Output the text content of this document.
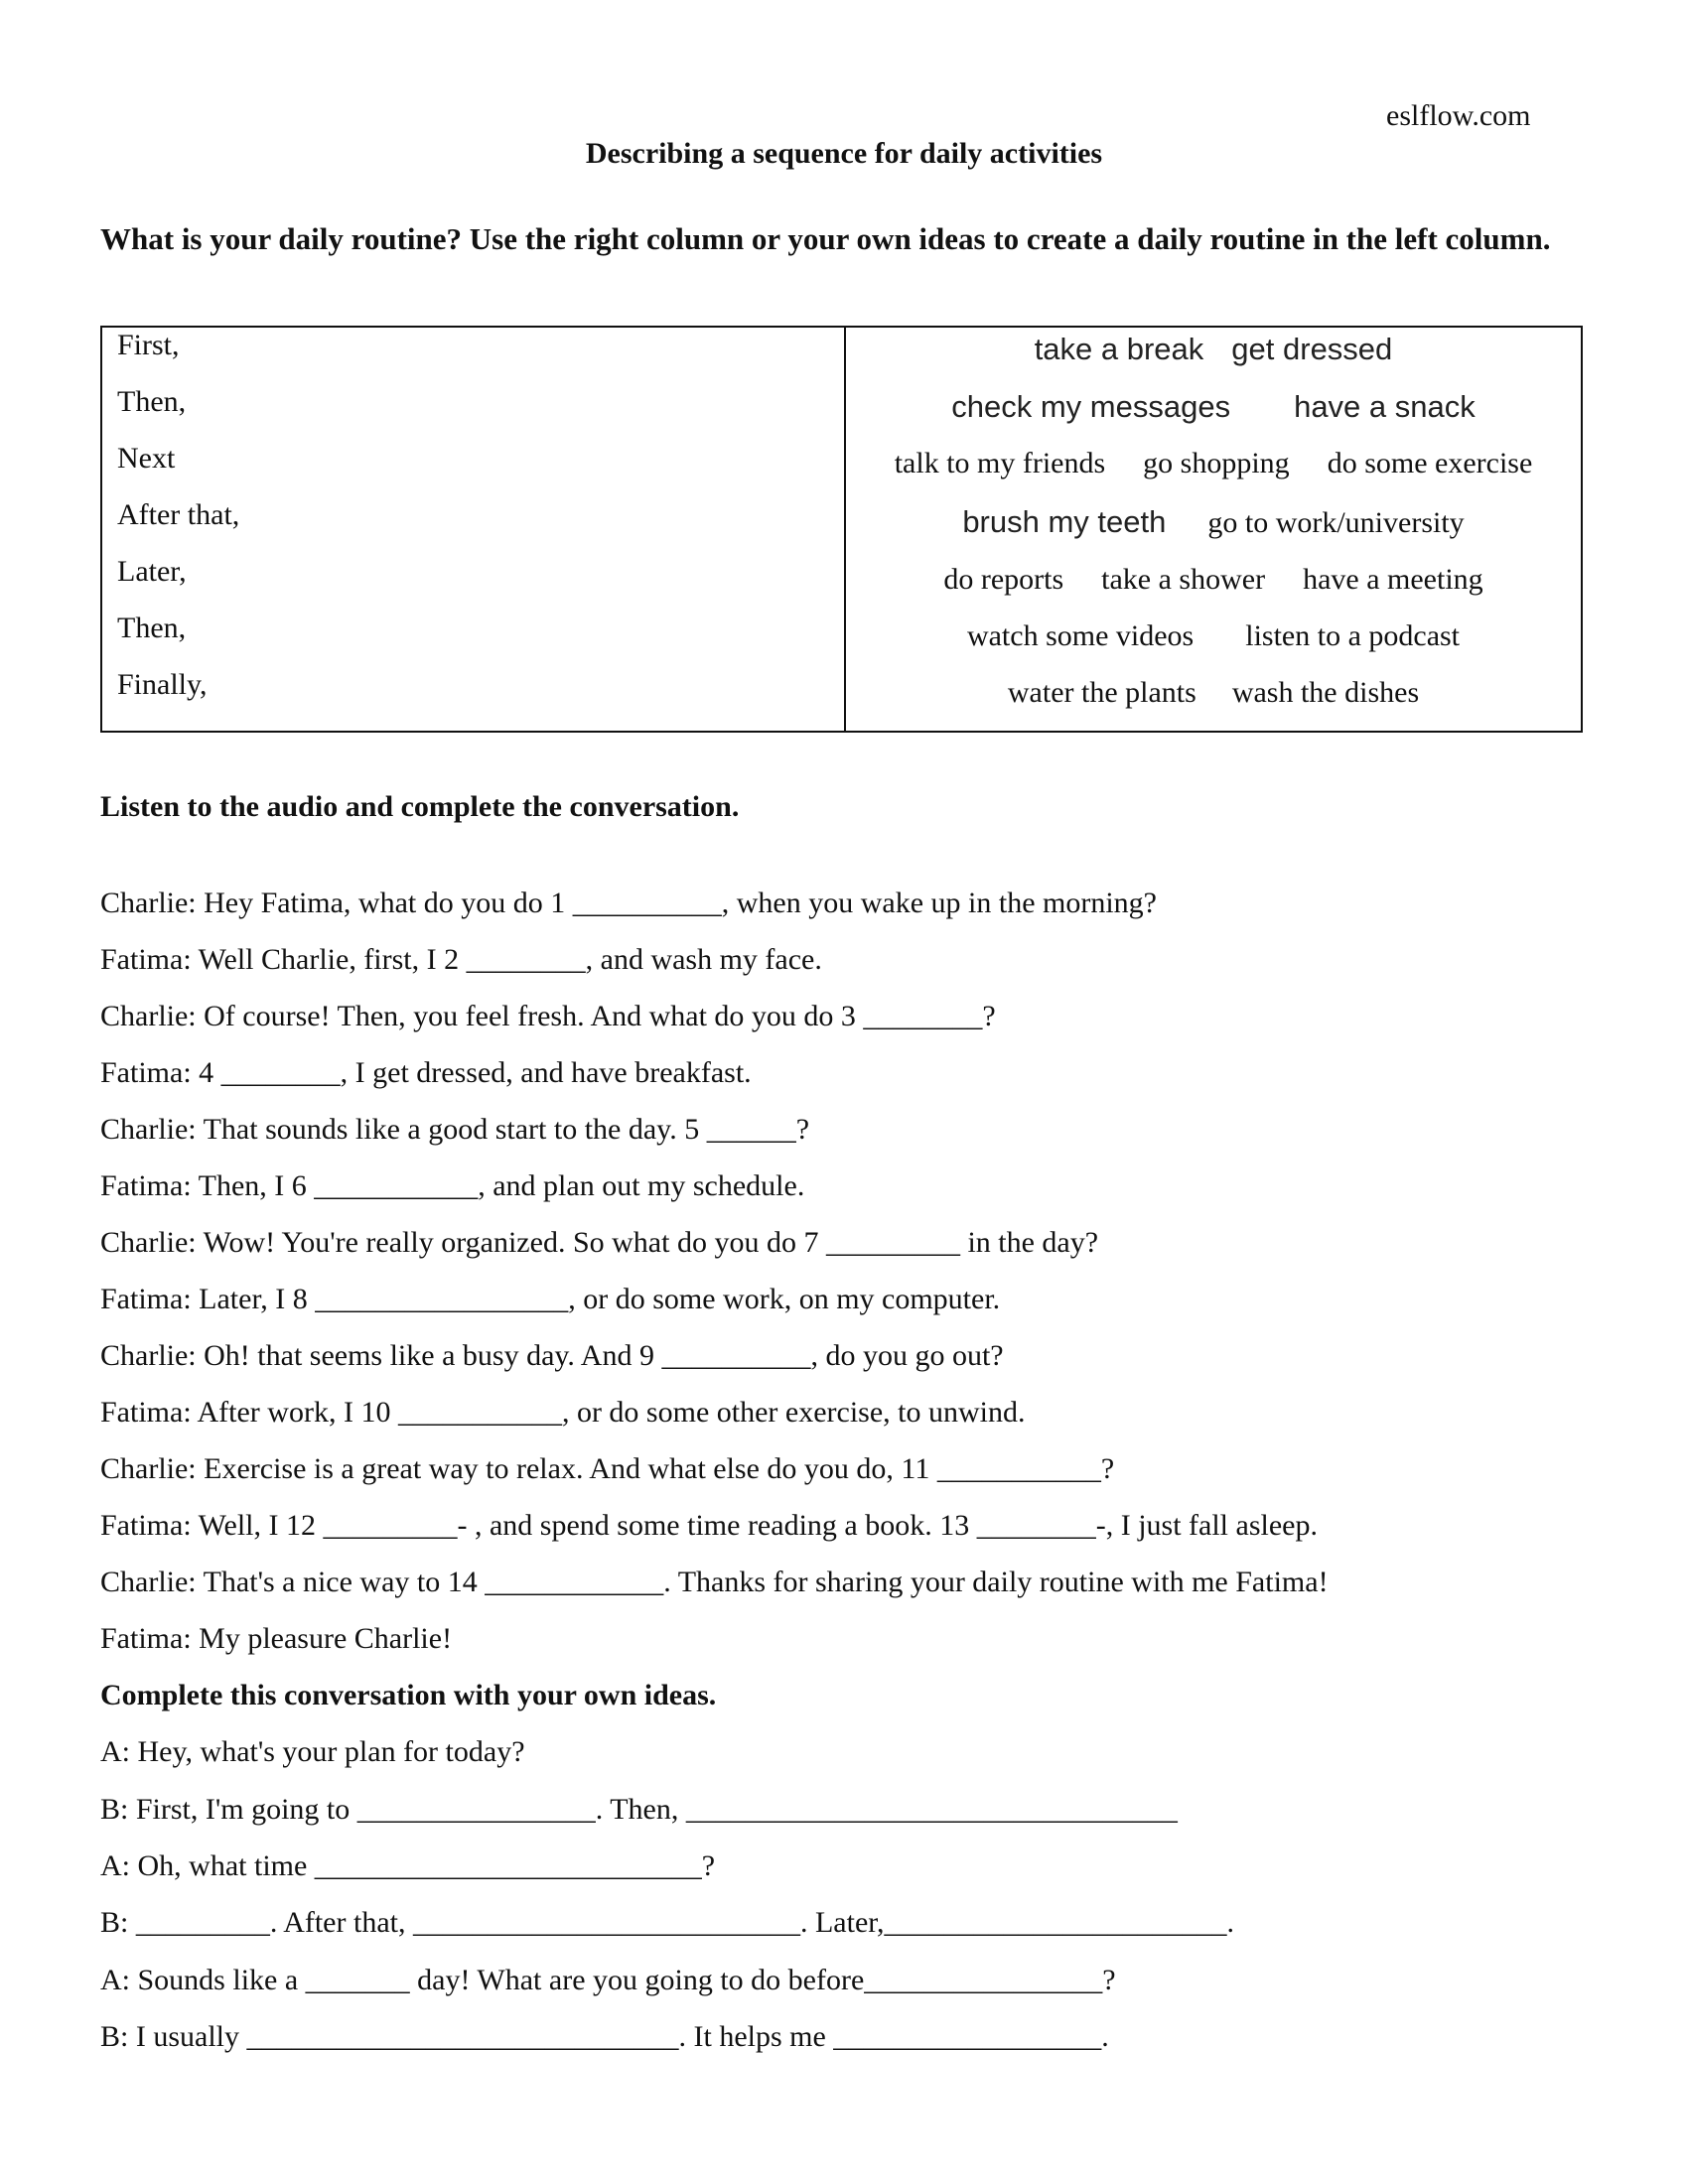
eslflow.com
Describing a sequence for daily activities
What is your daily routine? Use the right column or your own ideas to create a daily routine in the left column.
First,
Then,
Next
After that,
Later,
Then,
Finally,
take a break get dressed
check my messages have a snack
talk to my friends go shopping do some exercise
brush my teeth go to work/university
do reports take a shower have a meeting
watch some videos listen to a podcast
water the plants wash the dishes
Listen to the audio and complete the conversation.
Charlie: Hey Fatima, what do you do 1 __________, when you wake up in the morning?
Fatima: Well Charlie, first, I 2 ________, and wash my face.
Charlie: Of course! Then, you feel fresh. And what do you do 3 ________?
Fatima: 4 ________, I get dressed, and have breakfast.
Charlie: That sounds like a good start to the day. 5 ______?
Fatima: Then, I 6 ___________, and plan out my schedule.
Charlie: Wow! You're really organized. So what do you do 7 _________ in the day?
Fatima: Later, I 8 _________________, or do some work, on my computer.
Charlie: Oh! that seems like a busy day. And 9 __________, do you go out?
Fatima: After work, I 10 ___________, or do some other exercise, to unwind.
Charlie: Exercise is a great way to relax. And what else do you do, 11 ___________?
Fatima: Well, I 12 _________- , and spend some time reading a book. 13 ________-, I just fall asleep.
Charlie: That's a nice way to 14 ____________. Thanks for sharing your daily routine with me Fatima!
Fatima: My pleasure Charlie!
Complete this conversation with your own ideas.
A: Hey, what's your plan for today?
B: First, I'm going to ________________. Then, _________________________________
A: Oh, what time __________________________?
B: _________. After that, __________________________. Later,_______________________.
A: Sounds like a _______ day! What are you going to do before________________?
B: I usually _____________________________. It helps me __________________.
